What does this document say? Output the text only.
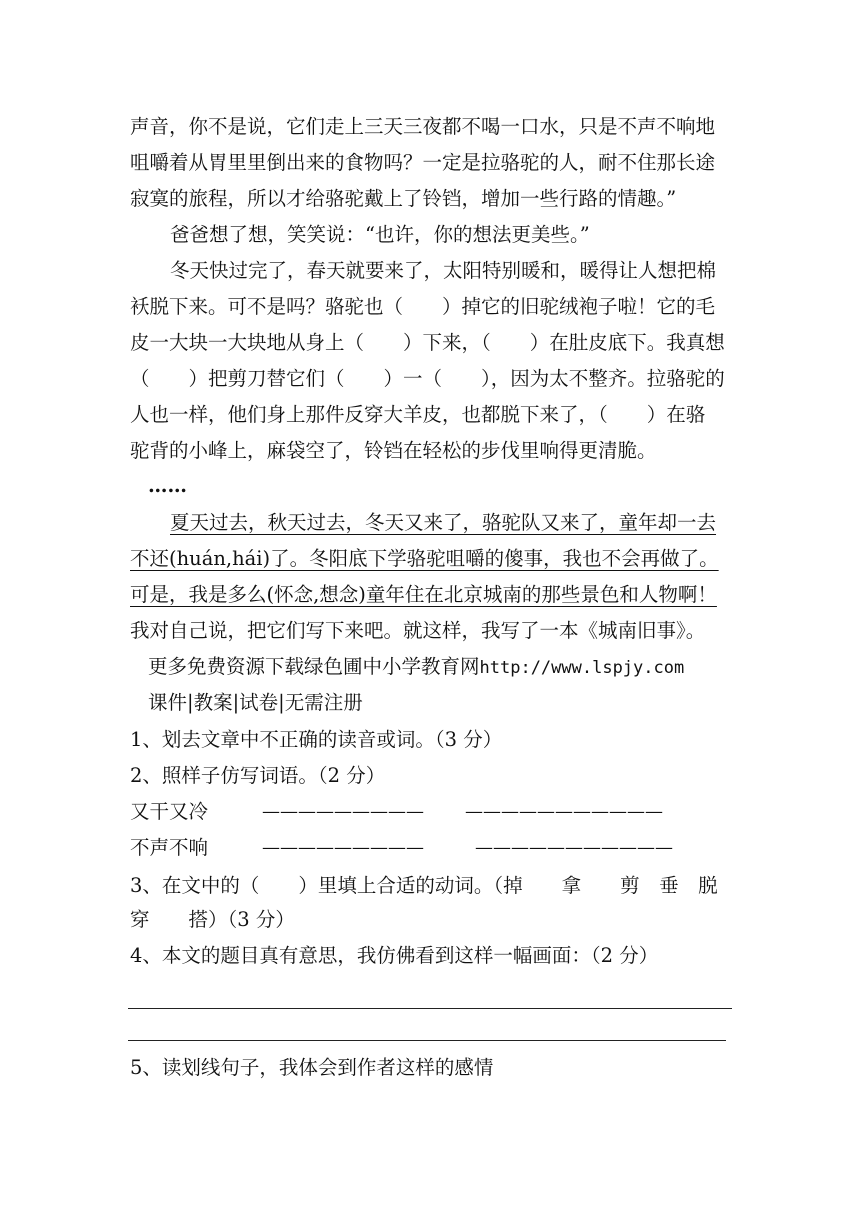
声音，你不是说，它们走上三天三夜都不喝一口水，只是不声不响地
咀嚼着从胃里里倒出来的食物吗？一定是拉骆驼的人，耐不住那长途
寂寞的旅程，所以才给骆驼戴上了铃铛，增加一些行路的情趣。”
爸爸想了想，笑笑说：“也许，你的想法更美些。”
冬天快过完了，春天就要来了，太阳特别暖和，暖得让人想把棉
袄脱下来。可不是吗？骆驼也（　　）掉它的旧驼绒袍子啦！它的毛
皮一大块一大块地从身上（　　）下来，（　　）在肚皮底下。我真想
（　　）把剪刀替它们（　　）一（　　），因为太不整齐。拉骆驼的
人也一样，他们身上那件反穿大羊皮，也都脱下来了，（　　）在骆
驼背的小峰上，麻袋空了，铃铛在轻松的步伐里响得更清脆。
……
夏天过去，秋天过去，冬天又来了，骆驼队又来了，童年却一去
不还(huán,hái)了。冬阳底下学骆驼咀嚼的傻事，我也不会再做了。
可是，我是多么(怀念,想念)童年住在北京城南的那些景色和人物啊！
我对自己说，把它们写下来吧。就这样，我写了一本《城南旧事》。
更多免费资源下载绿色圃中小学教育网http://www.lspjy.com
课件|教案|试卷|无需注册
1、划去文章中不正确的读音或词。（3 分）
2、照样子仿写词语。（2 分）
又干又冷	————————— ———————————
不声不响	—————————	———————————
3、在文中的（　　）里填上合适的动词。（掉　　拿　　剪　垂　脱
穿　　搭）（3 分）
4、本文的题目真有意思，我仿佛看到这样一幅画面：（2 分）
5、读划线句子，我体会到作者这样的感情
